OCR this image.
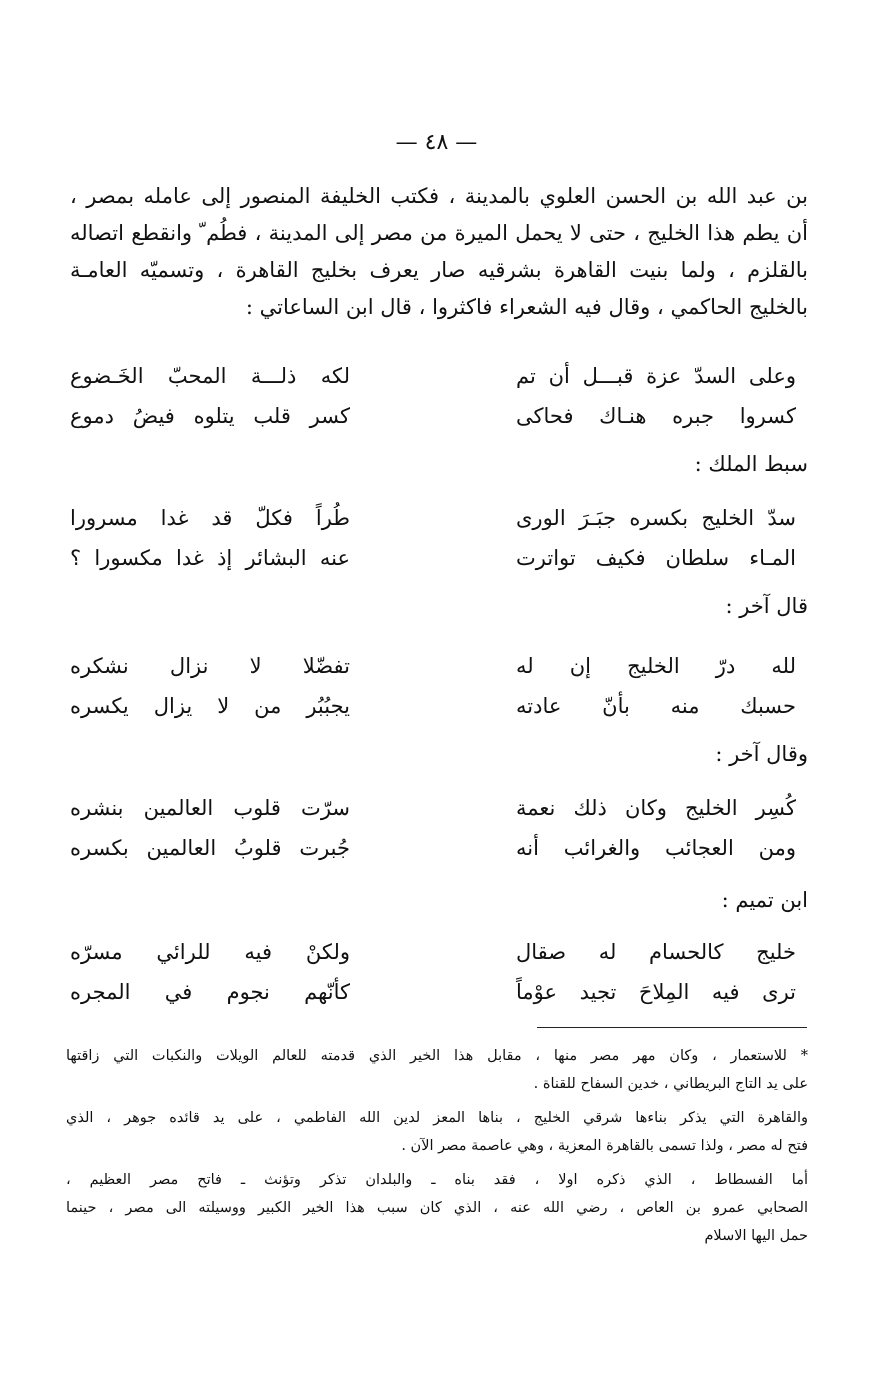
— ٤٨ —
بن عبد الله بن الحسن العلوي بالمدينة ، فكتب الخليفة المنصور إلى عامله بمصر ،
أن يطم هذا الخليج ، حتى لا يحمل الميرة من مصر إلى المدينة ، فطُم ّ وانقطع اتصاله
بالقلزم ، ولما بنيت القاهرة بشرقيه صار يعرف بخليج القاهرة ، وتسميّه العامـة
بالخليج الحاكمي ، وقال فيه الشعراء فاكثروا ، قال ابن الساعاتي :
وعلى السدّ عزة قبـــل أن تم
لكه ذلـــة المحبّ الخَـضوع
كسروا جبره هنـاك فحاكى
كسر قلب يتلوه فيضُ دموع
سبط الملك :
سدّ الخليج بكسره جبَـرَ الورى
طُراً فكلّ قد غدا مسرورا
المـاء سلطان فكيف تواترت
عنه البشائر إذ غدا مكسورا ؟
قال آخر :
لله درّ الخليج إن له
تفضّلا لا نزال نشكره
حسبك منه بأنّ عادته
يجبُبُر من لا يزال يكسره
وقال آخر :
كُسِر الخليج وكان ذلك نعمة
سرّت قلوب العالمين بنشره
ومن العجائب والغرائب أنه
جُبرت قلوبُ العالمين بكسره
ابن تميم :
خليج كالحسام له صقال
ولكنْ فيه للرائي مسرّه
ترى فيه المِلاحَ تجيد عوْماً
كأنّهم نجوم في المجره
* للاستعمار ، وكان مهر مصر منها ، مقابل هذا الخير الذي قدمته للعالم الويلات والنكبات التي زاقتها
على يد التاج البريطاني ، خدين السفاح للقناة .
والقاهرة التي يذكر بناءها شرقي الخليج ، بناها المعز لدين الله الفاطمي ، على يد قائده جوهر ، الذي
فتح له مصر ، ولذا تسمى بالقاهرة المعزية ، وهي عاصمة مصر الآن .
أما الفسطاط ، الذي ذكره اولا ، فقد بناه ـ والبلدان تذكر وتؤنث ـ فاتح مصر العظيم ،
الصحابي عمرو بن العاص ، رضي الله عنه ، الذي كان سبب هذا الخير الكبير ووسيلته الى مصر ، حينما
حمل اليها الاسلام
